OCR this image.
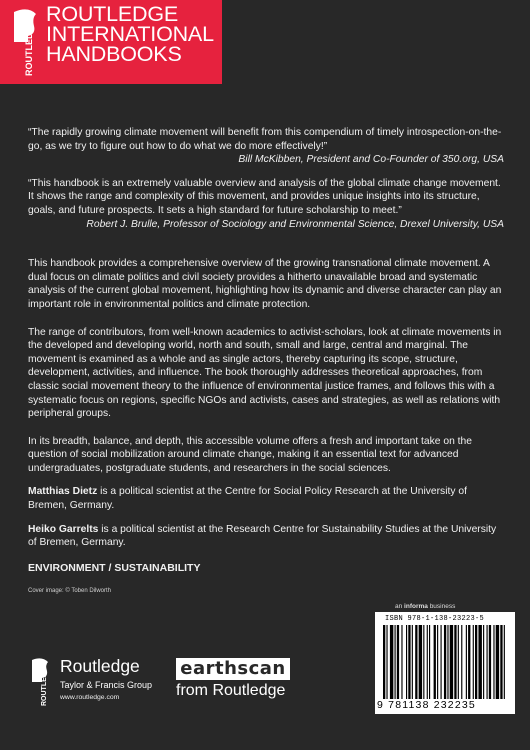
ROUTLEDGE
ROUTLEDGE
INTERNATIONAL
HANDBOOKS
“The rapidly growing climate movement will benefit from this compendium of timely introspection-on-the-go, as we try to figure out how to do what we do more effectively!”
Bill McKibben, President and Co-Founder of 350.org, USA
“This handbook is an extremely valuable overview and analysis of the global climate change movement. It shows the range and complexity of this movement, and provides unique insights into its structure, goals, and future prospects. It sets a high standard for future scholarship to meet.”
Robert J. Brulle, Professor of Sociology and Environmental Science, Drexel University, USA

This handbook provides a comprehensive overview of the growing transnational climate movement. A dual focus on climate politics and civil society provides a hitherto unavailable broad and systematic analysis of the current global movement, highlighting how its dynamic and diverse character can play an important role in environmental politics and climate protection.

The range of contributors, from well-known academics to activist-scholars, look at climate movements in the developed and developing world, north and south, small and large, central and marginal. The movement is examined as a whole and as single actors, thereby capturing its scope, structure, development, activities, and influence. The book thoroughly addresses theoretical approaches, from classic social movement theory to the influence of environmental justice frames, and follows this with a systematic focus on regions, specific NGOs and activists, cases and strategies, as well as relations with peripheral groups.

In its breadth, balance, and depth, this accessible volume offers a fresh and important take on the question of social mobilization around climate change, making it an essential text for advanced undergraduates, postgraduate students, and researchers in the social sciences.

Matthias Dietz is a political scientist at the Centre for Social Policy Research at the University of Bremen, Germany.

Heiko Garrelts is a political scientist at the Research Centre for Sustainability Studies at the University of Bremen, Germany.

ENVIRONMENT / SUSTAINABILITY
Cover image: © Toben Dilworth
an informa business
ISBN 978-1-138-23223-5
9 781138 232235
ROUTLEDGE Routledge
Taylor & Francis Group
www.routledge.com
earthscan
from Routledge
